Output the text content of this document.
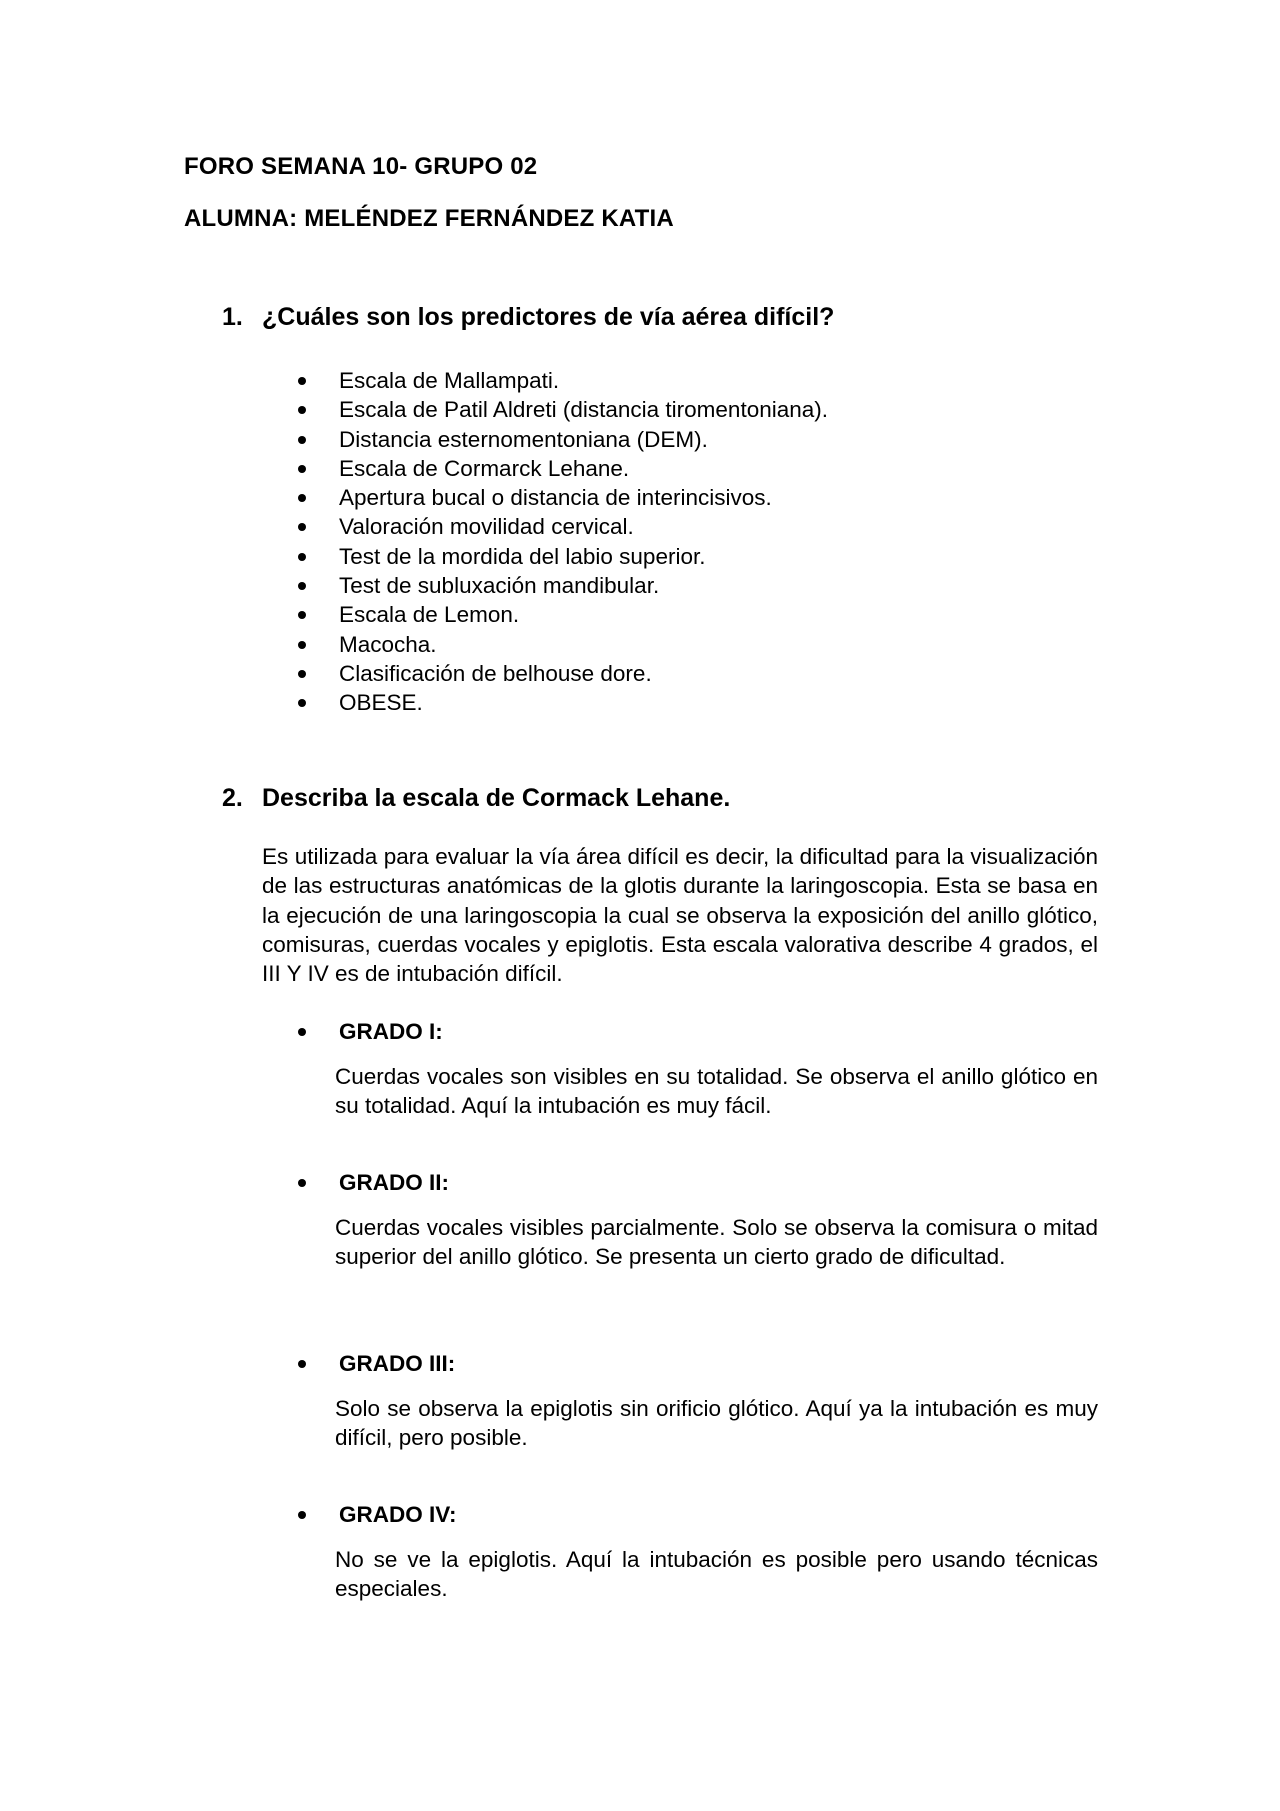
FORO SEMANA 10- GRUPO 02
ALUMNA: MELÉNDEZ FERNÁNDEZ KATIA
1. ¿Cuáles son los predictores de vía aérea difícil?
Escala de Mallampati.
Escala de Patil Aldreti (distancia tiromentoniana).
Distancia esternomentoniana (DEM).
Escala de Cormarck Lehane.
Apertura bucal o distancia de interincisivos.
Valoración movilidad cervical.
Test de la mordida del labio superior.
Test de subluxación mandibular.
Escala de Lemon.
Macocha.
Clasificación de belhouse dore.
OBESE.
2. Describa la escala de Cormack Lehane.

Es utilizada para evaluar la vía área difícil es decir, la dificultad para la visualización de las estructuras anatómicas de la glotis durante la laringoscopia. Esta se basa en la ejecución de una laringoscopia la cual se observa la exposición del anillo glótico, comisuras, cuerdas vocales y epiglotis. Esta escala valorativa describe 4 grados, el III Y IV es de intubación difícil.

GRADO I:

Cuerdas vocales son visibles en su totalidad. Se observa el anillo glótico en su totalidad. Aquí la intubación es muy fácil.

GRADO II:

Cuerdas vocales visibles parcialmente. Solo se observa la comisura o mitad superior del anillo glótico. Se presenta un cierto grado de dificultad.

GRADO III:

Solo se observa la epiglotis sin orificio glótico. Aquí ya la intubación es muy difícil, pero posible.

GRADO IV:

No se ve la epiglotis. Aquí la intubación es posible pero usando técnicas especiales.
